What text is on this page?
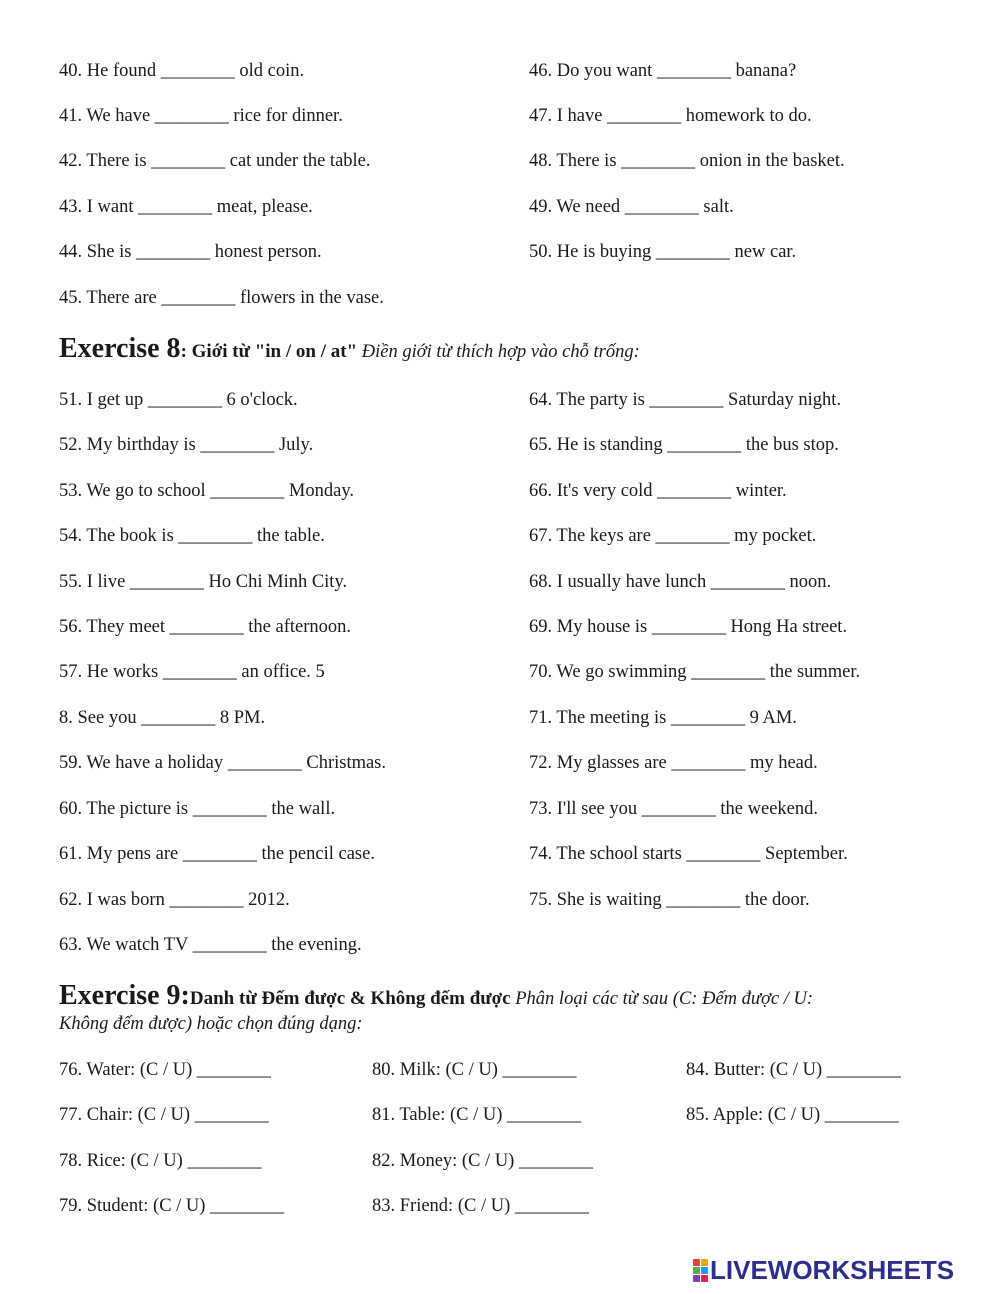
40. He found ________ old coin.
41. We have ________ rice for dinner.
42. There is ________ cat under the table.
43. I want ________ meat, please.
44. She is ________ honest person.
45. There are ________ flowers in the vase.
46. Do you want ________ banana?
47. I have ________ homework to do.
48. There is ________ onion in the basket.
49. We need ________ salt.
50. He is buying ________ new car.
Exercise 8: Giới từ "in / on / at" Điền giới từ thích hợp vào chỗ trống:
51. I get up ________ 6 o'clock.
52. My birthday is ________ July.
53. We go to school ________ Monday.
54. The book is ________ the table.
55. I live ________ Ho Chi Minh City.
56. They meet ________ the afternoon.
57. He works ________ an office. 5
8. See you ________ 8 PM.
59. We have a holiday ________ Christmas.
60. The picture is ________ the wall.
61. My pens are ________ the pencil case.
62. I was born ________ 2012.
63. We watch TV ________ the evening.
64. The party is ________ Saturday night.
65. He is standing ________ the bus stop.
66. It's very cold ________ winter.
67. The keys are ________ my pocket.
68. I usually have lunch ________ noon.
69. My house is ________ Hong Ha street.
70. We go swimming ________ the summer.
71. The meeting is ________ 9 AM.
72. My glasses are ________ my head.
73. I'll see you ________ the weekend.
74. The school starts ________ September.
75. She is waiting ________ the door.
Exercise 9:Danh từ Đếm được & Không đếm được Phân loại các từ sau (C: Đếm được / U:
Không đếm được) hoặc chọn đúng dạng:
76. Water: (C / U) ________
77. Chair: (C / U) ________
78. Rice: (C / U) ________
79. Student: (C / U) ________
80. Milk: (C / U) ________
81. Table: (C / U) ________
82. Money: (C / U) ________
83. Friend: (C / U) ________
84. Butter: (C / U) ________
85. Apple: (C / U) ________
LIVEWORKSHEETS
